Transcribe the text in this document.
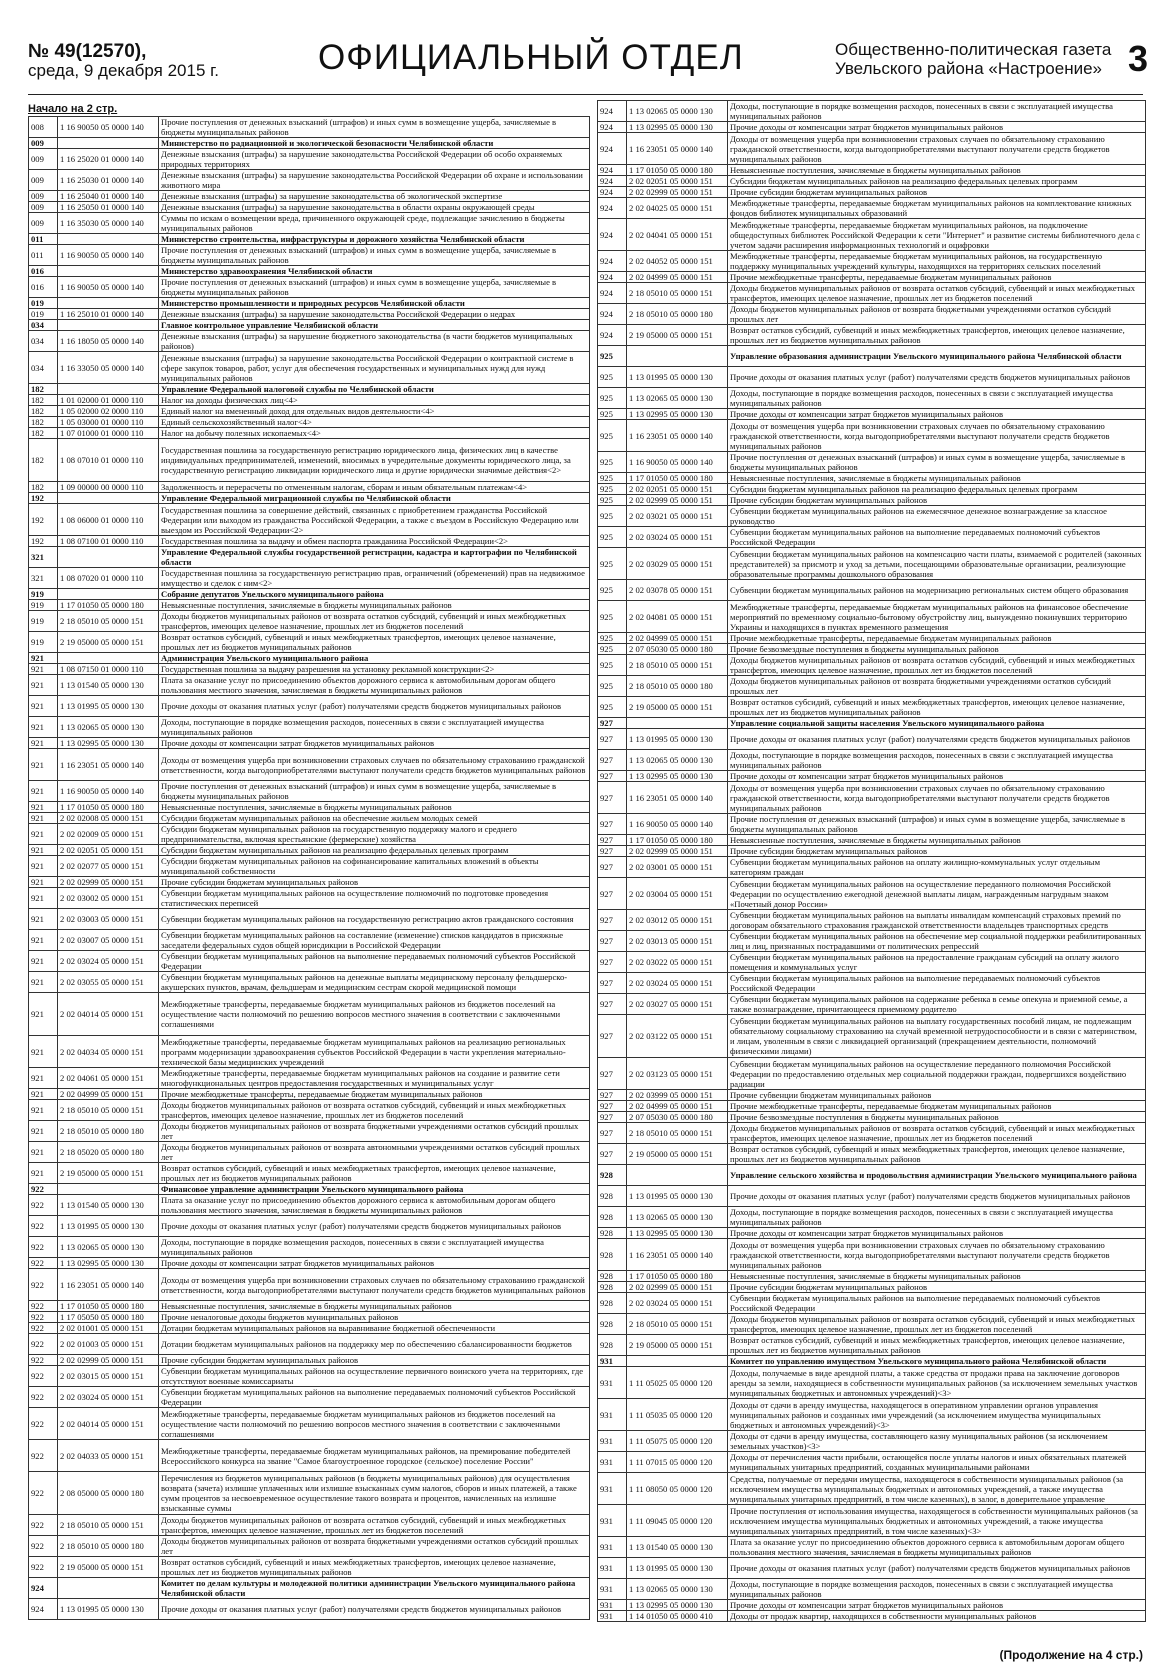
№ 49(12570),
среда, 9 декабря 2015 г.	ОФИЦИАЛЬНЫЙ ОТДЕЛ	Общественно-политическая газета
Увельского района «Настроение» 3
Начало на 2 стр.
008	1 16 90050 05 0000 140	Прочие поступления от денежных взысканий (штрафов) и иных сумм в возмещение ущерба, зачисляемые в бюджеты муниципальных районов
009		Министерство по радиационной и экологической безопасности Челябинской области
009	1 16 25020 01 0000 140	Денежные взыскания (штрафы) за нарушение законодательства Российской Федерации об особо охраняемых природных территориях
009	1 16 25030 01 0000 140	Денежные взыскания (штрафы) за нарушение законодательства Российской Федерации об охране и использовании животного мира
009	1 16 25040 01 0000 140	Денежные взыскания (штрафы) за нарушение законодательства об экологической экспертизе
009	1 16 25050 01 0000 140	Денежные взыскания (штрафы) за нарушение законодательства в области охраны окружающей среды
009	1 16 35030 05 0000 140	Суммы по искам о возмещении вреда, причиненного окружающей среде, подлежащие зачислению в бюджеты муниципальных районов
011		Министерство строительства, инфраструктуры и дорожного хозяйства Челябинской области
011	1 16 90050 05 0000 140	Прочие поступления от денежных взысканий (штрафов) и иных сумм в возмещение ущерба, зачисляемые в бюджеты муниципальных районов
016		Министерство здравоохранения Челябинской области
016	1 16 90050 05 0000 140	Прочие поступления от денежных взысканий (штрафов) и иных сумм в возмещение ущерба, зачисляемые в бюджеты муниципальных районов
019		Министерство промышленности и природных ресурсов Челябинской области
019	1 16 25010 01 0000 140	Денежные взыскания (штрафы) за нарушение законодательства Российской Федерации о недрах
034		Главное контрольное управление Челябинской области
034	1 16 18050 05 0000 140	Денежные взыскания (штрафы) за нарушение бюджетного законодательства (в части бюджетов муниципальных районов)
034	1 16 33050 05 0000 140	Денежные взыскания (штрафы) за нарушение законодательства Российской Федерации о контрактной системе в сфере закупок товаров, работ, услуг для обеспечения государственных и муниципальных нужд для нужд муниципальных районов
182		Управление Федеральной налоговой службы по Челябинской области
182	1 01 02000 01 0000 110	Налог на доходы физических лиц<4>
182	1 05 02000 02 0000 110	Единый налог на вмененный доход для отдельных видов деятельности<4>
182	1 05 03000 01 0000 110	Единый сельскохозяйственный налог<4>
182	1 07 01000 01 0000 110	Налог на добычу полезных ископаемых<4>
182	1 08 07010 01 0000 110	Государственная пошлина за государственную регистрацию юридического лица, физических лиц в качестве индивидуальных предпринимателей, изменений, вносимых в учредительные документы юридического лица, за государственную регистрацию ликвидации юридического лица и другие юридически значимые действия<2>
182	1 09 00000 00 0000 110	Задолженность и перерасчеты по отмененным налогам, сборам и иным обязательным платежам<4>
192		Управление Федеральной миграционной службы по Челябинской области
192	1 08 06000 01 0000 110	Государственная пошлина за совершение действий, связанных с приобретением гражданства Российской Федерации или выходом из гражданства Российской Федерации, а также с въездом в Российскую Федерацию или выездом из Российской Федерации<2>
192	1 08 07100 01 0000 110	Государственная пошлина за выдачу и обмен паспорта гражданина Российской Федерации<2>
321		Управление Федеральной службы государственной регистрации, кадастра и картографии по Челябинской области
321	1 08 07020 01 0000 110	Государственная пошлина за государственную регистрацию прав, ограничений (обременений) прав на недвижимое имущество и сделок с ним<2>
919		Собрание депутатов Увельского муниципального района
919	1 17 01050 05 0000 180	Невыясненные поступления, зачисляемые в бюджеты муниципальных районов
919	2 18 05010 05 0000 151	Доходы бюджетов муниципальных районов от возврата остатков субсидий, субвенций и иных межбюджетных трансфертов, имеющих целевое назначение, прошлых лет из бюджетов поселений
919	2 19 05000 05 0000 151	Возврат остатков субсидий, субвенций и иных межбюджетных трансфертов, имеющих целевое назначение, прошлых лет из бюджетов муниципальных районов
921		Администрация Увельского муниципального района
921	1 08 07150 01 0000 110	Государственная пошлина за выдачу разрешения на установку рекламной конструкции<2>
921	1 13 01540 05 0000 130	Плата за оказание услуг по присоединению объектов дорожного сервиса к автомобильным дорогам общего пользования местного значения, зачисляемая в бюджеты муниципальных районов
921	1 13 01995 05 0000 130	Прочие доходы от оказания платных услуг (работ) получателями средств бюджетов муниципальных районов
921	1 13 02065 05 0000 130	Доходы, поступающие в порядке возмещения расходов, понесенных в связи с эксплуатацией имущества муниципальных районов
921	1 13 02995 05 0000 130	Прочие доходы от компенсации затрат бюджетов муниципальных районов
921	1 16 23051 05 0000 140	Доходы от возмещения ущерба при возникновении страховых случаев по обязательному страхованию гражданской ответственности, когда выгодоприобретателями выступают получатели средств бюджетов муниципальных районов
921	1 16 90050 05 0000 140	Прочие поступления от денежных взысканий (штрафов) и иных сумм в возмещение ущерба, зачисляемые в бюджеты муниципальных районов
921	1 17 01050 05 0000 180	Невыясненные поступления, зачисляемые в бюджеты муниципальных районов
921	2 02 02008 05 0000 151	Субсидии бюджетам муниципальных районов на обеспечение жильем молодых семей
921	2 02 02009 05 0000 151	Субсидии бюджетам муниципальных районов на государственную поддержку малого и среднего предпринимательства, включая крестьянские (фермерские) хозяйства
921	2 02 02051 05 0000 151	Субсидии бюджетам муниципальных районов на реализацию федеральных целевых программ
921	2 02 02077 05 0000 151	Субсидии бюджетам муниципальных районов на софинансирование капитальных вложений в объекты муниципальной собственности
921	2 02 02999 05 0000 151	Прочие субсидии бюджетам муниципальных районов
921	2 02 03002 05 0000 151	Субвенции бюджетам муниципальных районов на осуществление полномочий по подготовке проведения статистических переписей
921	2 02 03003 05 0000 151	Субвенции бюджетам муниципальных районов на государственную регистрацию актов гражданского состояния
921	2 02 03007 05 0000 151	Субвенции бюджетам муниципальных районов на составление (изменение) списков кандидатов в присяжные заседатели федеральных судов общей юрисдикции в Российской Федерации
921	2 02 03024 05 0000 151	Субвенции бюджетам муниципальных районов на выполнение передаваемых полномочий субъектов Российской Федерации
921	2 02 03055 05 0000 151	Субвенции бюджетам муниципальных районов на денежные выплаты медицинскому персоналу фельдшерско-акушерских пунктов, врачам, фельдшерам и медицинским сестрам скорой медицинской помощи
921	2 02 04014 05 0000 151	Межбюджетные трансферты, передаваемые бюджетам муниципальных районов из бюджетов поселений на осуществление части полномочий по решению вопросов местного значения в соответствии с заключенными соглашениями
921	2 02 04034 05 0000 151	Межбюджетные трансферты, передаваемые бюджетам муниципальных районов на реализацию региональных программ модернизации здравоохранения субъектов Российской Федерации в части укрепления материально-технической базы медицинских учреждений
921	2 02 04061 05 0000 151	Межбюджетные трансферты, передаваемые бюджетам муниципальных районов на создание и развитие сети многофункциональных центров предоставления государственных и муниципальных услуг
921	2 02 04999 05 0000 151	Прочие межбюджетные трансферты, передаваемые бюджетам муниципальных районов
921	2 18 05010 05 0000 151	Доходы бюджетов муниципальных районов от возврата остатков субсидий, субвенций и иных межбюджетных трансфертов, имеющих целевое назначение, прошлых лет из бюджетов поселений
921	2 18 05010 05 0000 180	Доходы бюджетов муниципальных районов от возврата бюджетными учреждениями остатков субсидий прошлых лет
921	2 18 05020 05 0000 180	Доходы бюджетов муниципальных районов от возврата автономными учреждениями остатков субсидий прошлых лет
921	2 19 05000 05 0000 151	Возврат остатков субсидий, субвенций и иных межбюджетных трансфертов, имеющих целевое назначение, прошлых лет из бюджетов муниципальных районов
922		Финансовое управление администрации Увельского муниципального района
922	1 13 01540 05 0000 130	Плата за оказание услуг по присоединению объектов дорожного сервиса к автомобильным дорогам общего пользования местного значения, зачисляемая в бюджеты муниципальных районов
922	1 13 01995 05 0000 130	Прочие доходы от оказания платных услуг (работ) получателями средств бюджетов муниципальных районов
922	1 13 02065 05 0000 130	Доходы, поступающие в порядке возмещения расходов, понесенных в связи с эксплуатацией имущества муниципальных районов
922	1 13 02995 05 0000 130	Прочие доходы от компенсации затрат бюджетов муниципальных районов
922	1 16 23051 05 0000 140	Доходы от возмещения ущерба при возникновении страховых случаев по обязательному страхованию гражданской ответственности, когда выгодоприобретателями выступают получатели средств бюджетов муниципальных районов
922	1 17 01050 05 0000 180	Невыясненные поступления, зачисляемые в бюджеты муниципальных районов
922	1 17 05050 05 0000 180	Прочие неналоговые доходы бюджетов муниципальных районов
922	2 02 01001 05 0000 151	Дотации бюджетам муниципальных районов на выравнивание бюджетной обеспеченности
922	2 02 01003 05 0000 151	Дотации бюджетам муниципальных районов на поддержку мер по обеспечению сбалансированности бюджетов
922	2 02 02999 05 0000 151	Прочие субсидии бюджетам муниципальных районов
922	2 02 03015 05 0000 151	Субвенции бюджетам муниципальных районов на осуществление первичного воинского учета на территориях, где отсутствуют военные комиссариаты
922	2 02 03024 05 0000 151	Субвенции бюджетам муниципальных районов на выполнение передаваемых полномочий субъектов Российской Федерации
922	2 02 04014 05 0000 151	Межбюджетные трансферты, передаваемые бюджетам муниципальных районов из бюджетов поселений на осуществление части полномочий по решению вопросов местного значения в соответствии с заключенными соглашениями
922	2 02 04033 05 0000 151	Межбюджетные трансферты, передаваемые бюджетам муниципальных районов, на премирование победителей Всероссийского конкурса на звание "Самое благоустроенное городское (сельское) поселение России"
922	2 08 05000 05 0000 180	Перечисления из бюджетов муниципальных районов (в бюджеты муниципальных районов) для осуществления возврата (зачета) излишне уплаченных или излишне взысканных сумм налогов, сборов и иных платежей, а также сумм процентов за несвоевременное осуществление такого возврата и процентов, начисленных на излишне взысканные суммы
922	2 18 05010 05 0000 151	Доходы бюджетов муниципальных районов от возврата остатков субсидий, субвенций и иных межбюджетных трансфертов, имеющих целевое назначение, прошлых лет из бюджетов поселений
922	2 18 05010 05 0000 180	Доходы бюджетов муниципальных районов от возврата бюджетными учреждениями остатков субсидий прошлых лет
922	2 19 05000 05 0000 151	Возврат остатков субсидий, субвенций и иных межбюджетных трансфертов, имеющих целевое назначение, прошлых лет из бюджетов муниципальных районов
924		Комитет по делам культуры и молодежной политики администрации Увельского муниципального района Челябинской области
924	1 13 01995 05 0000 130	Прочие доходы от оказания платных услуг (работ) получателями средств бюджетов муниципальных районов
924	1 13 02065 05 0000 130	Доходы, поступающие в порядке возмещения расходов, понесенных в связи с эксплуатацией имущества муниципальных районов
924	1 13 02995 05 0000 130	Прочие доходы от компенсации затрат бюджетов муниципальных районов
924	1 16 23051 05 0000 140	Доходы от возмещения ущерба при возникновении страховых случаев по обязательному страхованию гражданской ответственности, когда выгодоприобретателями выступают получатели средств бюджетов муниципальных районов
924	1 17 01050 05 0000 180	Невыясненные поступления, зачисляемые в бюджеты муниципальных районов
924	2 02 02051 05 0000 151	Субсидии бюджетам муниципальных районов на реализацию федеральных целевых программ
924	2 02 02999 05 0000 151	Прочие субсидии бюджетам муниципальных районов
924	2 02 04025 05 0000 151	Межбюджетные трансферты, передаваемые бюджетам муниципальных районов на комплектование книжных фондов библиотек муниципальных образований
924	2 02 04041 05 0000 151	Межбюджетные трансферты, передаваемые бюджетам муниципальных районов, на подключение общедоступных библиотек Российской Федерации к сети "Интернет" и развитие системы библиотечного дела с учетом задачи расширения информационных технологий и оцифровки
924	2 02 04052 05 0000 151	Межбюджетные трансферты, передаваемые бюджетам муниципальных районов, на государственную поддержку муниципальных учреждений культуры, находящихся на территориях сельских поселений
924	2 02 04999 05 0000 151	Прочие межбюджетные трансферты, передаваемые бюджетам муниципальных районов
924	2 18 05010 05 0000 151	Доходы бюджетов муниципальных районов от возврата остатков субсидий, субвенций и иных межбюджетных трансфертов, имеющих целевое назначение, прошлых лет из бюджетов поселений
924	2 18 05010 05 0000 180	Доходы бюджетов муниципальных районов от возврата бюджетными учреждениями остатков субсидий прошлых лет
924	2 19 05000 05 0000 151	Возврат остатков субсидий, субвенций и иных межбюджетных трансфертов, имеющих целевое назначение, прошлых лет из бюджетов муниципальных районов
925		Управление образования администрации Увельского муниципального района Челябинской области
925	1 13 01995 05 0000 130	Прочие доходы от оказания платных услуг (работ) получателями средств бюджетов муниципальных районов
925	1 13 02065 05 0000 130	Доходы, поступающие в порядке возмещения расходов, понесенных в связи с эксплуатацией имущества муниципальных районов
925	1 13 02995 05 0000 130	Прочие доходы от компенсации затрат бюджетов муниципальных районов
925	1 16 23051 05 0000 140	Доходы от возмещения ущерба при возникновении страховых случаев по обязательному страхованию гражданской ответственности, когда выгодоприобретателями выступают получатели средств бюджетов муниципальных районов
925	1 16 90050 05 0000 140	Прочие поступления от денежных взысканий (штрафов) и иных сумм в возмещение ущерба, зачисляемые в бюджеты муниципальных районов
925	1 17 01050 05 0000 180	Невыясненные поступления, зачисляемые в бюджеты муниципальных районов
925	2 02 02051 05 0000 151	Субсидии бюджетам муниципальных районов на реализацию федеральных целевых программ
925	2 02 02999 05 0000 151	Прочие субсидии бюджетам муниципальных районов
925	2 02 03021 05 0000 151	Субвенции бюджетам муниципальных районов на ежемесячное денежное вознаграждение за классное руководство
925	2 02 03024 05 0000 151	Субвенции бюджетам муниципальных районов на выполнение передаваемых полномочий субъектов Российской Федерации
925	2 02 03029 05 0000 151	Субвенции бюджетам муниципальных районов на компенсацию части платы, взимаемой с родителей (законных представителей) за присмотр и уход за детьми, посещающими образовательные организации, реализующие образовательные программы дошкольного образования
925	2 02 03078 05 0000 151	Субвенции бюджетам муниципальных районов на модернизацию региональных систем общего образования
925	2 02 04081 05 0000 151	Межбюджетные трансферты, передаваемые бюджетам муниципальных районов на финансовое обеспечение мероприятий по временному социально-бытовому обустройству лиц, вынужденно покинувших территорию Украины и находящихся в пунктах временного размещения
925	2 02 04999 05 0000 151	Прочие межбюджетные трансферты, передаваемые бюджетам муниципальных районов
925	2 07 05030 05 0000 180	Прочие безвозмездные поступления в бюджеты муниципальных районов
925	2 18 05010 05 0000 151	Доходы бюджетов муниципальных районов от возврата остатков субсидий, субвенций и иных межбюджетных трансфертов, имеющих целевое назначение, прошлых лет из бюджетов поселений
925	2 18 05010 05 0000 180	Доходы бюджетов муниципальных районов от возврата бюджетными учреждениями остатков субсидий прошлых лет
925	2 19 05000 05 0000 151	Возврат остатков субсидий, субвенций и иных межбюджетных трансфертов, имеющих целевое назначение, прошлых лет из бюджетов муниципальных районов
927		Управление социальной защиты населения Увельского муниципального района
927	1 13 01995 05 0000 130	Прочие доходы от оказания платных услуг (работ) получателями средств бюджетов муниципальных районов
927	1 13 02065 05 0000 130	Доходы, поступающие в порядке возмещения расходов, понесенных в связи с эксплуатацией имущества муниципальных районов
927	1 13 02995 05 0000 130	Прочие доходы от компенсации затрат бюджетов муниципальных районов
927	1 16 23051 05 0000 140	Доходы от возмещения ущерба при возникновении страховых случаев по обязательному страхованию гражданской ответственности, когда выгодоприобретателями выступают получатели средств бюджетов муниципальных районов
927	1 16 90050 05 0000 140	Прочие поступления от денежных взысканий (штрафов) и иных сумм в возмещение ущерба, зачисляемые в бюджеты муниципальных районов
927	1 17 01050 05 0000 180	Невыясненные поступления, зачисляемые в бюджеты муниципальных районов
927	2 02 02999 05 0000 151	Прочие субсидии бюджетам муниципальных районов
927	2 02 03001 05 0000 151	Субвенции бюджетам муниципальных районов на оплату жилищно-коммунальных услуг отдельным категориям граждан
927	2 02 03004 05 0000 151	Субвенции бюджетам муниципальных районов на осуществление переданного полномочия Российской Федерации по осуществлению ежегодной денежной выплаты лицам, награжденным нагрудным знаком «Почетный донор России»
927	2 02 03012 05 0000 151	Субвенции бюджетам муниципальных районов на выплаты инвалидам компенсаций страховых премий по договорам обязательного страхования гражданской ответственности владельцев транспортных средств
927	2 02 03013 05 0000 151	Субвенции бюджетам муниципальных районов на обеспечение мер социальной поддержки реабилитированных лиц и лиц, признанных пострадавшими от политических репрессий
927	2 02 03022 05 0000 151	Субвенции бюджетам муниципальных районов на предоставление гражданам субсидий на оплату жилого помещения и коммунальных услуг
927	2 02 03024 05 0000 151	Субвенции бюджетам муниципальных районов на выполнение передаваемых полномочий субъектов Российской Федерации
927	2 02 03027 05 0000 151	Субвенции бюджетам муниципальных районов на содержание ребенка в семье опекуна и приемной семье, а также вознаграждение, причитающееся приемному родителю
927	2 02 03122 05 0000 151	Субвенции бюджетам муниципальных районов на выплату государственных пособий лицам, не подлежащим обязательному социальному страхованию на случай временной нетрудоспособности и в связи с материнством, и лицам, уволенным в связи с ликвидацией организаций (прекращением деятельности, полномочий физическими лицами)
927	2 02 03123 05 0000 151	Субвенции бюджетам муниципальных районов на осуществление переданного полномочия Российской Федерации по предоставлению отдельных мер социальной поддержки граждан, подвергшихся воздействию радиации
927	2 02 03999 05 0000 151	Прочие субвенции бюджетам муниципальных районов
927	2 02 04999 05 0000 151	Прочие межбюджетные трансферты, передаваемые бюджетам муниципальных районов
927	2 07 05030 05 0000 180	Прочие безвозмездные поступления в бюджеты муниципальных районов
927	2 18 05010 05 0000 151	Доходы бюджетов муниципальных районов от возврата остатков субсидий, субвенций и иных межбюджетных трансфертов, имеющих целевое назначение, прошлых лет из бюджетов поселений
927	2 19 05000 05 0000 151	Возврат остатков субсидий, субвенций и иных межбюджетных трансфертов, имеющих целевое назначение, прошлых лет из бюджетов муниципальных районов
928		Управление сельского хозяйства и продовольствия администрации Увельского муниципального района
928	1 13 01995 05 0000 130	Прочие доходы от оказания платных услуг (работ) получателями средств бюджетов муниципальных районов
928	1 13 02065 05 0000 130	Доходы, поступающие в порядке возмещения расходов, понесенных в связи с эксплуатацией имущества муниципальных районов
928	1 13 02995 05 0000 130	Прочие доходы от компенсации затрат бюджетов муниципальных районов
928	1 16 23051 05 0000 140	Доходы от возмещения ущерба при возникновении страховых случаев по обязательному страхованию гражданской ответственности, когда выгодоприобретателями выступают получатели средств бюджетов муниципальных районов
928	1 17 01050 05 0000 180	Невыясненные поступления, зачисляемые в бюджеты муниципальных районов
928	2 02 02999 05 0000 151	Прочие субсидии бюджетам муниципальных районов
928	2 02 03024 05 0000 151	Субвенции бюджетам муниципальных районов на выполнение передаваемых полномочий субъектов Российской Федерации
928	2 18 05010 05 0000 151	Доходы бюджетов муниципальных районов от возврата остатков субсидий, субвенций и иных межбюджетных трансфертов, имеющих целевое назначение, прошлых лет из бюджетов поселений
928	2 19 05000 05 0000 151	Возврат остатков субсидий, субвенций и иных межбюджетных трансфертов, имеющих целевое назначение, прошлых лет из бюджетов муниципальных районов
931		Комитет по управлению имуществом Увельского муниципального района Челябинской области
931	1 11 05025 05 0000 120	Доходы, получаемые в виде арендной платы, а также средства от продажи права на заключение договоров аренды за земли, находящиеся в собственности муниципальных районов (за исключением земельных участков муниципальных бюджетных и автономных учреждений)<3>
931	1 11 05035 05 0000 120	Доходы от сдачи в аренду имущества, находящегося в оперативном управлении органов управления муниципальных районов и созданных ими учреждений (за исключением имущества муниципальных бюджетных и автономных учреждений)<3>
931	1 11 05075 05 0000 120	Доходы от сдачи в аренду имущества, составляющего казну муниципальных районов (за исключением земельных участков)<3>
931	1 11 07015 05 0000 120	Доходы от перечисления части прибыли, остающейся после уплаты налогов и иных обязательных платежей муниципальных унитарных предприятий, созданных муниципальными районами
931	1 11 08050 05 0000 120	Средства, получаемые от передачи имущества, находящегося в собственности муниципальных районов (за исключением имущества муниципальных бюджетных и автономных учреждений, а также имущества муниципальных унитарных предприятий, в том числе казенных), в залог, в доверительное управление
931	1 11 09045 05 0000 120	Прочие поступления от использования имущества, находящегося в собственности муниципальных районов (за исключением имущества муниципальных бюджетных и автономных учреждений, а также имущества муниципальных унитарных предприятий, в том числе казенных)<3>
931	1 13 01540 05 0000 130	Плата за оказание услуг по присоединению объектов дорожного сервиса к автомобильным дорогам общего пользования местного значения, зачисляемая в бюджеты муниципальных районов
931	1 13 01995 05 0000 130	Прочие доходы от оказания платных услуг (работ) получателями средств бюджетов муниципальных районов
931	1 13 02065 05 0000 130	Доходы, поступающие в порядке возмещения расходов, понесенных в связи с эксплуатацией имущества муниципальных районов
931	1 13 02995 05 0000 130	Прочие доходы от компенсации затрат бюджетов муниципальных районов
931	1 14 01050 05 0000 410	Доходы от продаж квартир, находящихся в собственности муниципальных районов
(Продолжение на 4 стр.)
